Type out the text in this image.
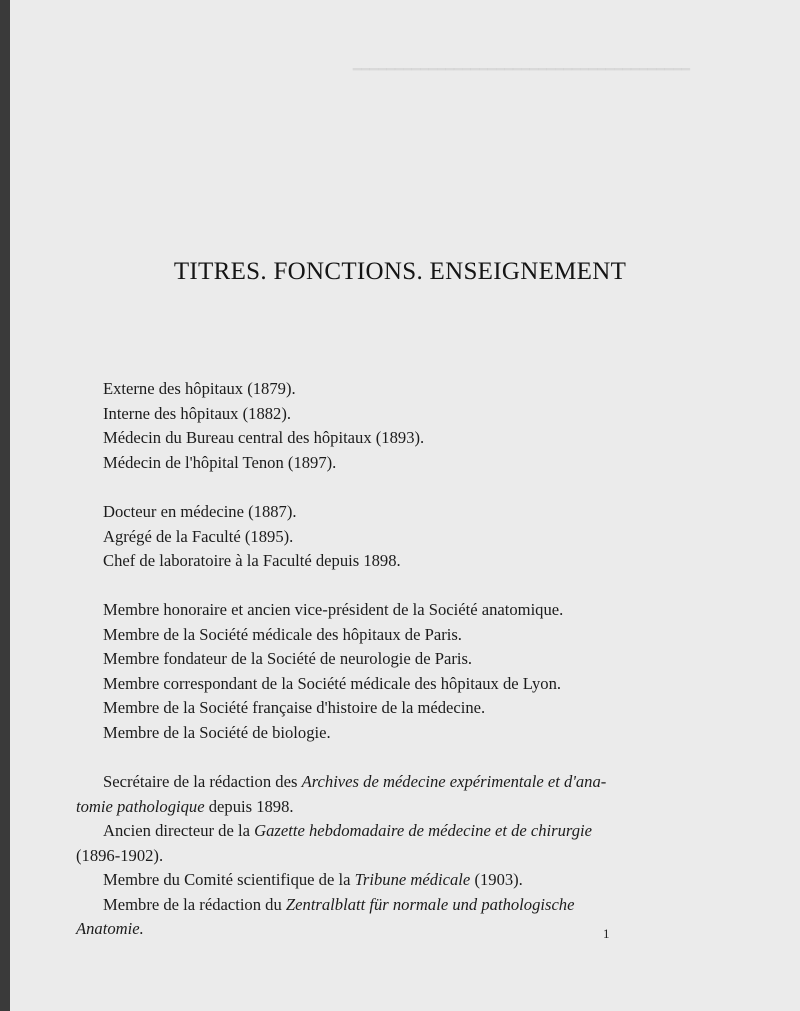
━━━━━━━━━━━━━━━━━━━━━━━━━━━━━━━━━━━━━━━━
TITRES. FONCTIONS. ENSEIGNEMENT
Externe des hôpitaux (1879).
Interne des hôpitaux (1882).
Médecin du Bureau central des hôpitaux (1893).
Médecin de l'hôpital Tenon (1897).
Docteur en médecine (1887).
Agrégé de la Faculté (1895).
Chef de laboratoire à la Faculté depuis 1898.
Membre honoraire et ancien vice-président de la Société anatomique.
Membre de la Société médicale des hôpitaux de Paris.
Membre fondateur de la Société de neurologie de Paris.
Membre correspondant de la Société médicale des hôpitaux de Lyon.
Membre de la Société française d'histoire de la médecine.
Membre de la Société de biologie.
Secrétaire de la rédaction des Archives de médecine expérimentale et d'ana-
tomie pathologique depuis 1898.
Ancien directeur de la Gazette hebdomadaire de médecine et de chirurgie
(1896-1902).
Membre du Comité scientifique de la Tribune médicale (1903).
Membre de la rédaction du Zentralblatt für normale und pathologische
Anatomie.	1
